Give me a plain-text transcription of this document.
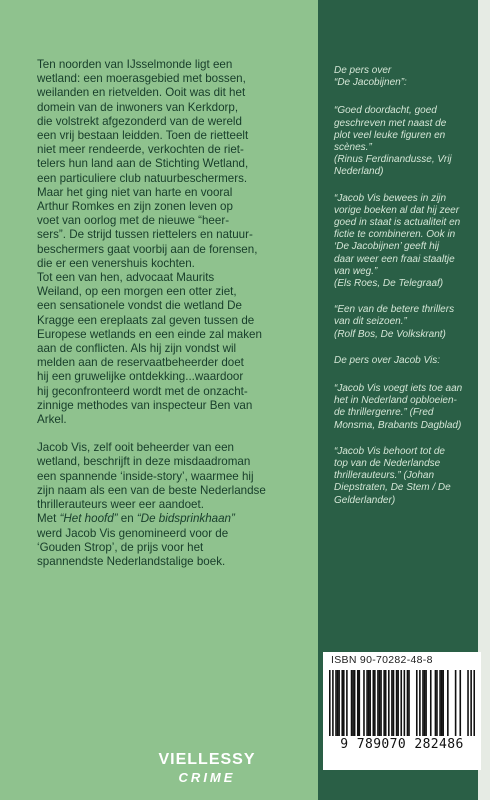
Ten noorden van IJsselmonde ligt een
wetland: een moerasgebied met bossen,
weilanden en rietvelden. Ooit was dit het
domein van de inwoners van Kerkdorp,
die volstrekt afgezonderd van de wereld
een vrij bestaan leidden. Toen de rietteelt
niet meer rendeerde, verkochten de riet-
telers hun land aan de Stichting Wetland,
een particuliere club natuurbeschermers.
Maar het ging niet van harte en vooral
Arthur Romkes en zijn zonen leven op
voet van oorlog met de nieuwe “heer-
sers”. De strijd tussen riettelers en natuur-
beschermers gaat voorbij aan de forensen,
die er een venershuis kochten.
Tot een van hen, advocaat Maurits
Weiland, op een morgen een otter ziet,
een sensationele vondst die wetland De
Kragge een ereplaats zal geven tussen de
Europese wetlands en een einde zal maken
aan de conflicten. Als hij zijn vondst wil
melden aan de reservaatbeheerder doet
hij een gruwelijke ontdekking...waardoor
hij geconfronteerd wordt met de onzacht-
zinnige methodes van inspecteur Ben van
Arkel.

Jacob Vis, zelf ooit beheerder van een
wetland, beschrijft in deze misdaadroman
een spannende ‘inside-story’, waarmee hij
zijn naam als een van de beste Nederlandse
thrillerauteurs weer eer aandoet.

Met “Het hoofd” en “De bidsprinkhaan”
werd Jacob Vis genomineerd voor de
‘Gouden Strop’, de prijs voor het
spannendste Nederlandstalige boek.

De pers over
“De Jacobijnen”:
“Goed doordacht, goed
geschreven met naast de
plot veel leuke figuren en
scènes.”
(Rinus Ferdinandusse, Vrij
Nederland)
“Jacob Vis bewees in zijn
vorige boeken al dat hij zeer
goed in staat is actualiteit en
fictie te combineren. Ook in
‘De Jacobijnen’ geeft hij
daar weer een fraai staaltje
van weg.”
(Els Roes, De Telegraaf)
“Een van de betere thrillers
van dit seizoen.”
(Rolf Bos, De Volkskrant)
De pers over Jacob Vis:
“Jacob Vis voegt iets toe aan
het in Nederland opbloeien-
de thrillergenre.” (Fred
Monsma, Brabants Dagblad)
“Jacob Vis behoort tot de
top van de Nederlandse
thrillerauteurs.” (Johan
Diepstraten, De Stem / De
Gelderlander)
ISBN 90-70282-48-8
9 789070 282486
VIELLESSY
CRIME
